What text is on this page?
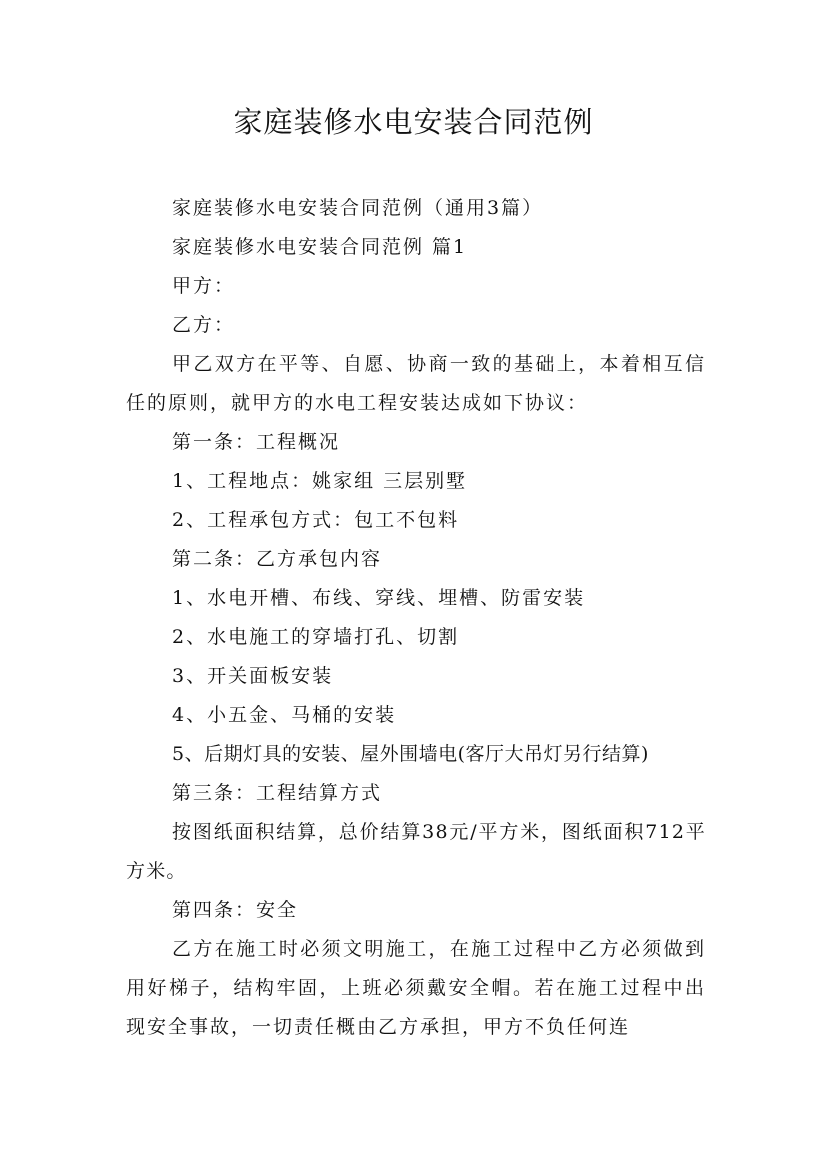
家庭装修水电安装合同范例

家庭装修水电安装合同范例（通用3篇）

家庭装修水电安装合同范例 篇1

甲方：

乙方：

甲乙双方在平等、自愿、协商一致的基础上，本着相互信任的原则，就甲方的水电工程安装达成如下协议：

第一条：工程概况

1、工程地点：姚家组 三层别墅

2、工程承包方式：包工不包料

第二条：乙方承包内容

1、水电开槽、布线、穿线、埋槽、防雷安装

2、水电施工的穿墙打孔、切割

3、开关面板安装

4、小五金、马桶的安装

5、后期灯具的安装、屋外围墙电(客厅大吊灯另行结算)

第三条：工程结算方式

按图纸面积结算，总价结算38元/平方米，图纸面积712平方米。

第四条：安全

乙方在施工时必须文明施工，在施工过程中乙方必须做到用好梯子，结构牢固，上班必须戴安全帽。若在施工过程中出现安全事故，一切责任概由乙方承担，甲方不负任何连
